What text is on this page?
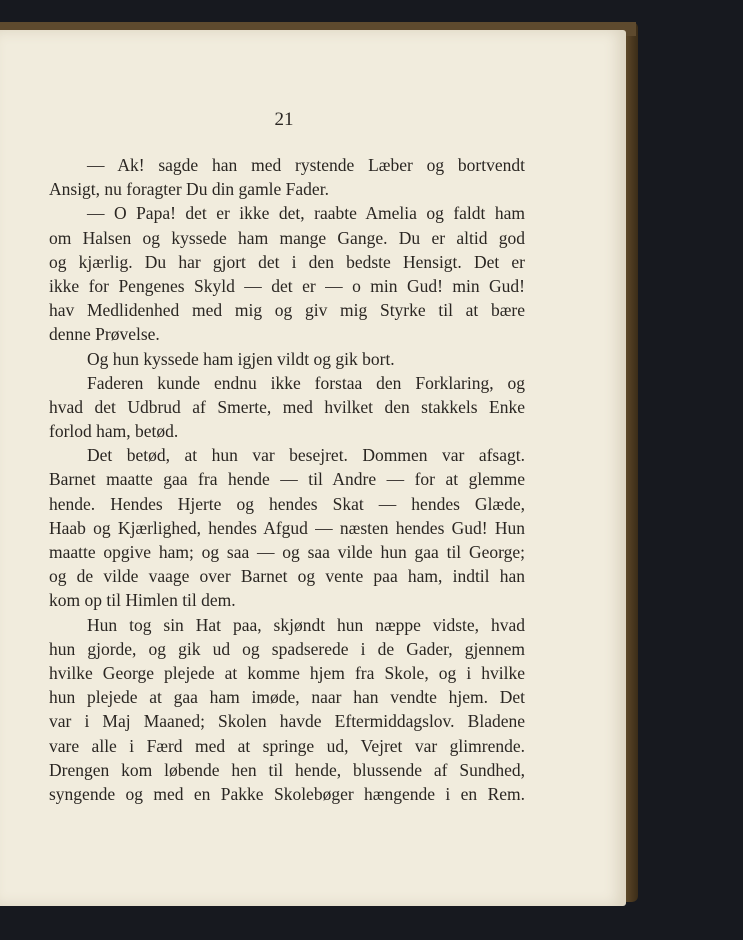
21
— Ak! sagde han med rystende Læber og bortvendt
Ansigt, nu foragter Du din gamle Fader.
— O Papa! det er ikke det, raabte Amelia og faldt ham
om Halsen og kyssede ham mange Gange. Du er altid god
og kjærlig. Du har gjort det i den bedste Hensigt. Det er
ikke for Pengenes Skyld — det er — o min Gud! min Gud!
hav Medlidenhed med mig og giv mig Styrke til at bære
denne Prøvelse.
Og hun kyssede ham igjen vildt og gik bort.
Faderen kunde endnu ikke forstaa den Forklaring, og
hvad det Udbrud af Smerte, med hvilket den stakkels Enke
forlod ham, betød.
Det betød, at hun var besejret. Dommen var afsagt.
Barnet maatte gaa fra hende — til Andre — for at glemme
hende. Hendes Hjerte og hendes Skat — hendes Glæde,
Haab og Kjærlighed, hendes Afgud — næsten hendes Gud! Hun
maatte opgive ham; og saa — og saa vilde hun gaa til George;
og de vilde vaage over Barnet og vente paa ham, indtil han
kom op til Himlen til dem.
Hun tog sin Hat paa, skjøndt hun næppe vidste, hvad
hun gjorde, og gik ud og spadserede i de Gader, gjennem
hvilke George plejede at komme hjem fra Skole, og i hvilke
hun plejede at gaa ham imøde, naar han vendte hjem. Det
var i Maj Maaned; Skolen havde Eftermiddagslov. Bladene
vare alle i Færd med at springe ud, Vejret var glimrende.
Drengen kom løbende hen til hende, blussende af Sundhed,
syngende og med en Pakke Skolebøger hængende i en Rem.
